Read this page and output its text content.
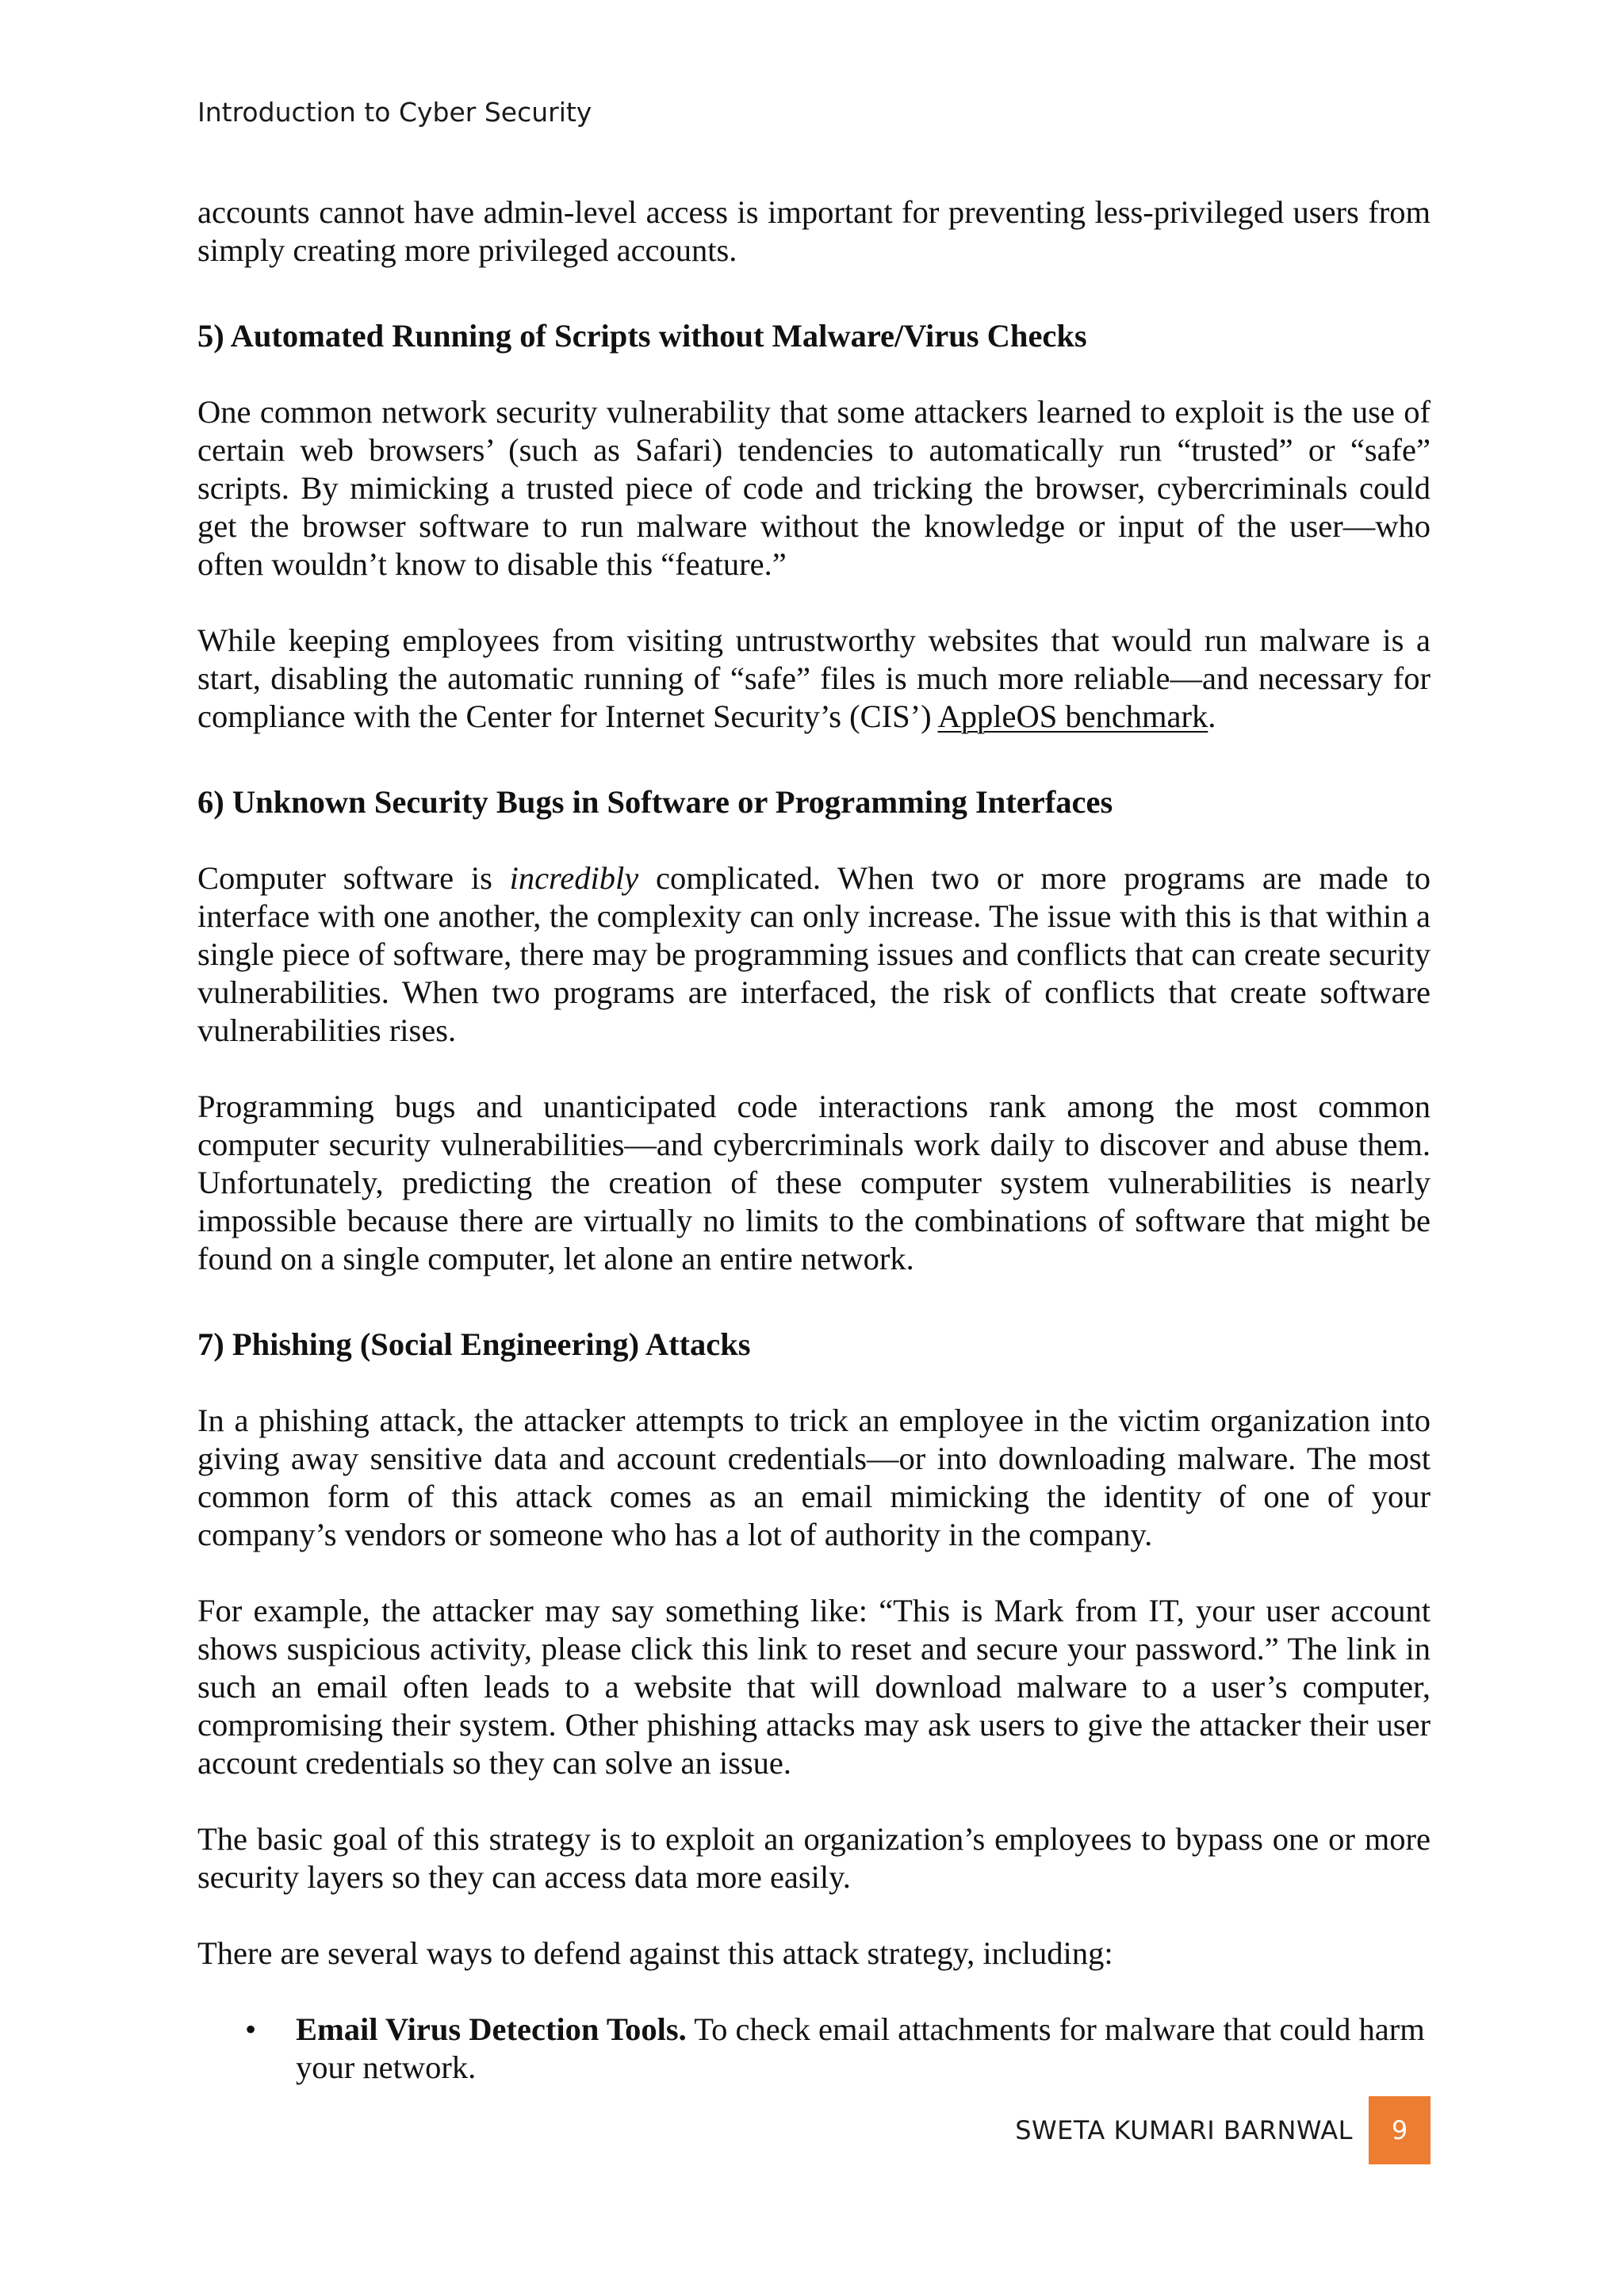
Introduction to Cyber Security

accounts cannot have admin-level access is important for preventing less-privileged users from simply creating more privileged accounts.

5) Automated Running of Scripts without Malware/Virus Checks

One common network security vulnerability that some attackers learned to exploit is the use of certain web browsers’ (such as Safari) tendencies to automatically run “trusted” or “safe” scripts. By mimicking a trusted piece of code and tricking the browser, cybercriminals could get the browser software to run malware without the knowledge or input of the user—who often wouldn’t know to disable this “feature.”

While keeping employees from visiting untrustworthy websites that would run malware is a start, disabling the automatic running of “safe” files is much more reliable—and necessary for compliance with the Center for Internet Security’s (CIS’) AppleOS benchmark.

6) Unknown Security Bugs in Software or Programming Interfaces

Computer software is incredibly complicated. When two or more programs are made to interface with one another, the complexity can only increase. The issue with this is that within a single piece of software, there may be programming issues and conflicts that can create security vulnerabilities. When two programs are interfaced, the risk of conflicts that create software vulnerabilities rises.

Programming bugs and unanticipated code interactions rank among the most common computer security vulnerabilities—and cybercriminals work daily to discover and abuse them. Unfortunately, predicting the creation of these computer system vulnerabilities is nearly impossible because there are virtually no limits to the combinations of software that might be found on a single computer, let alone an entire network.

7) Phishing (Social Engineering) Attacks

In a phishing attack, the attacker attempts to trick an employee in the victim organization into giving away sensitive data and account credentials—or into downloading malware. The most common form of this attack comes as an email mimicking the identity of one of your company’s vendors or someone who has a lot of authority in the company.

For example, the attacker may say something like: “This is Mark from IT, your user account shows suspicious activity, please click this link to reset and secure your password.” The link in such an email often leads to a website that will download malware to a user’s computer, compromising their system. Other phishing attacks may ask users to give the attacker their user account credentials so they can solve an issue.

The basic goal of this strategy is to exploit an organization’s employees to bypass one or more security layers so they can access data more easily.

There are several ways to defend against this attack strategy, including:

• Email Virus Detection Tools. To check email attachments for malware that could harm your network.
SWETA KUMARI BARNWAL	9
